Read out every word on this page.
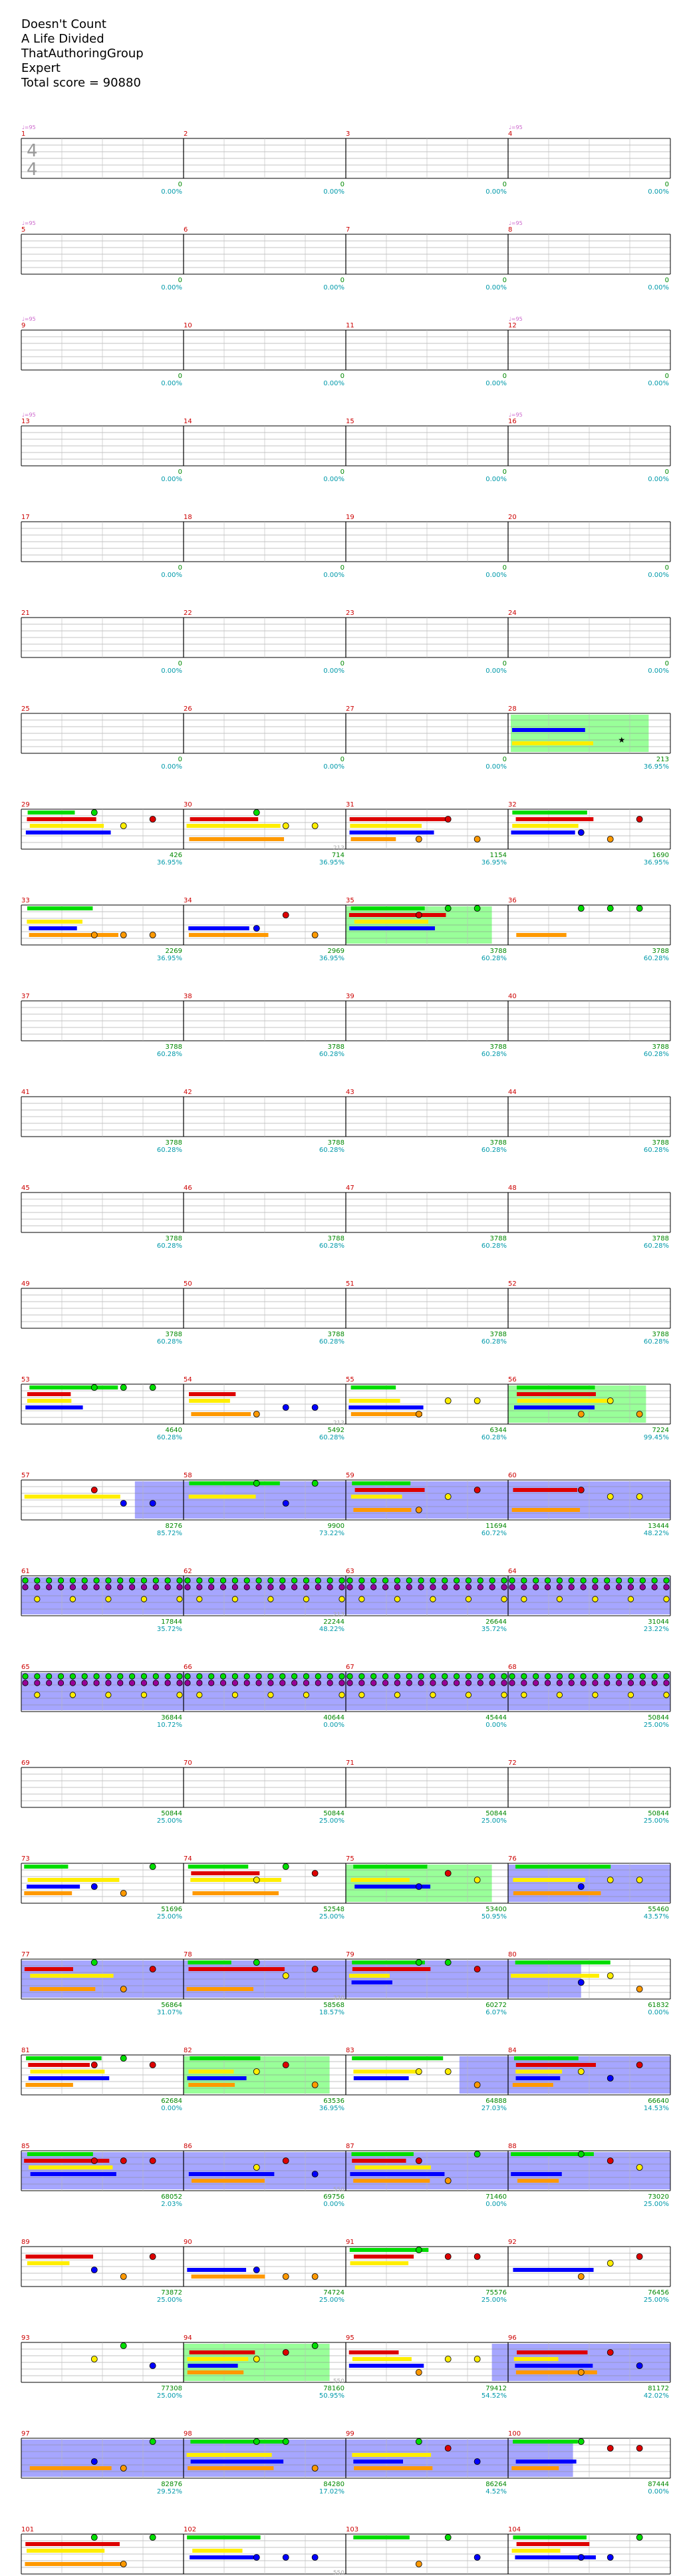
Doesn't Count
A Life Divided
ThatAuthoringGroup
Expert
Total score = 90880
1	2	3	4
4
4
♩=95	♩=95
0	0	0	0
0.00%	0.00%	0.00%	0.00%
5	6	7	8
♩=95	♩=95
0	0	0	0
0.00%	0.00%	0.00%	0.00%
9	10	11	12
♩=95	♩=95
0	0	0	0
0.00%	0.00%	0.00%	0.00%
13	14	15	16
♩=95	♩=95
0	0	0	0
0.00%	0.00%	0.00%	0.00%
17	18	19	20
0	0	0	0
0.00%	0.00%	0.00%	0.00%
21	22	23	24
0	0	0	0
0.00%	0.00%	0.00%	0.00%
25	26	27	28
★
0	0	0	213
0.00%	0.00%	0.00%	36.95%
29	30	31	32
426	714	1154	1690
36.95%	36.95%	36.95%	36.95%
213
33	34	35	36
2269	2969	3788	3788
36.95%	36.95%	60.28%	60.28%
37	38	39	40
3788	3788	3788	3788
60.28%	60.28%	60.28%	60.28%
41	42	43	44
3788	3788	3788	3788
60.28%	60.28%	60.28%	60.28%
45	46	47	48
3788	3788	3788	3788
60.28%	60.28%	60.28%	60.28%
49	50	51	52
3788	3788	3788	3788
60.28%	60.28%	60.28%	60.28%
53	54	55	56
4640	5492	6344	7224
60.28%	60.28%	60.28%	99.45%
213
57	58	59	60
8276	9900	11694	13444
85.72%	73.22%	60.72%	48.22%
61	62	63	64
17844	22244	26644	31044
35.72%	48.22%	35.72%	23.22%
213
65	66	67	68
36844	40644	45444	50844
10.72%	0.00%	0.00%	25.00%
69	70	71	72
50844	50844	50844	50844
25.00%	25.00%	25.00%	25.00%
73	74	75	76
51696	52548	53400	55460
25.00%	25.00%	50.95%	43.57%
77	78	79	80
56864	58568	60272	61832
31.07%	18.57%	6.07%	0.00%
330
81	82	83	84
62684	63536	64888	66640
0.00%	36.95%	27.03%	14.53%
85	86	87	88
68052	69756	71460	73020
2.03%	0.00%	0.00%	25.00%
550
89	90	91	92
73872	74724	75576	76456
25.00%	25.00%	25.00%	25.00%
93	94	95	96
77308	78160	79412	81172
25.00%	50.95%	54.52%	42.02%
550
97	98	99	100
82876	84280	86264	87444
29.52%	17.02%	4.52%	0.00%
101	102	103	104
550
